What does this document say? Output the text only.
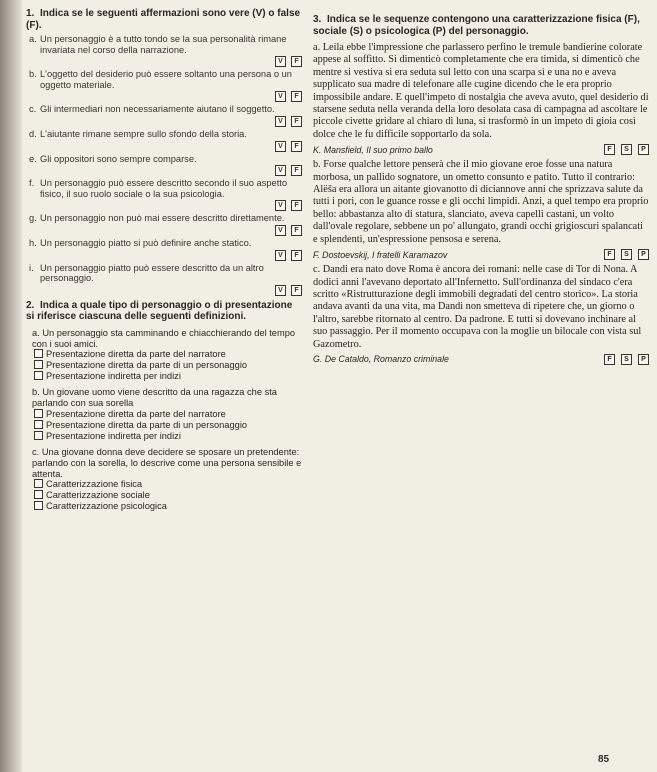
1. Indica se le seguenti affermazioni sono vere (V) o false (F).
a. Un personaggio è a tutto tondo se la sua personalità rimane invariata nel corso della narrazione.
V	F
b. L'oggetto del desiderio può essere soltanto una persona o un oggetto materiale.
V	F
c. Gli intermediari non necessariamente aiutano il soggetto.
V	F
d. L'aiutante rimane sempre sullo sfondo della storia.
V	F
e. Gli oppositori sono sempre comparse.
V	F
f. Un personaggio può essere descritto secondo il suo aspetto fisico, il suo ruolo sociale o la sua psicologia.
V	F
g. Un personaggio non può mai essere descritto direttamente.
V	F
h. Un personaggio piatto si può definire anche statico.
V	F
i. Un personaggio piatto può essere descritto da un altro personaggio.
V	F
2. Indica a quale tipo di personaggio o di presentazione si riferisce ciascuna delle seguenti definizioni.
a. Un personaggio sta camminando e chiacchierando del tempo con i suoi amici.
Presentazione diretta da parte del narratore
Presentazione diretta da parte di un personaggio
Presentazione indiretta per indizi
b. Un giovane uomo viene descritto da una ragazza che sta parlando con sua sorella
Presentazione diretta da parte del narratore
Presentazione diretta da parte di un personaggio
Presentazione indiretta per indizi
c. Una giovane donna deve decidere se sposare un pretendente: parlando con la sorella, lo descrive come una persona sensibile e attenta.
Caratterizzazione fisica
Caratterizzazione sociale
Caratterizzazione psicologica
3. Indica se le sequenze contengono una caratterizzazione fisica (F), sociale (S) o psicologica (P) del personaggio.
a. Leila ebbe l'impressione che parlassero perfino le tremule bandierine colorate appese al soffitto. Si dimenticò completamente che era timida, si dimenticò che mentre si vestiva si era seduta sul letto con una scarpa sì e una no e aveva supplicato sua madre di telefonare alle cugine dicendo che le era proprio impossibile andare. E quell'impeto di nostalgia che aveva avuto, quel desiderio di starsene seduta nella veranda della loro desolata casa di campagna ad ascoltare le piccole civette gridare al chiaro di luna, si trasformò in un impeto di gioia così dolce che le fu difficile sopportarlo da sola.
K. Mansfield, Il suo primo ballo	F	S	P
b. Forse qualche lettore penserà che il mio giovane eroe fosse una natura morbosa, un pallido sognatore, un ometto consunto e patito. Tutto il contrario: Alëša era allora un aitante giovanotto di diciannove anni che sprizzava salute da tutti i pori, con le guance rosse e gli occhi limpidi. Anzi, a quel tempo era proprio bello: abbastanza alto di statura, slanciato, aveva capelli castani, un volto dall'ovale regolare, sebbene un po' allungato, grandi occhi grigioscuri spalancati e splendenti, un'espressione pensosa e serena.
F. Dostoevskij, I fratelli Karamazov	F	S	P
c. Dandi era nato dove Roma è ancora dei romani: nelle case di Tor di Nona. A dodici anni l'avevano deportato all'Infernetto. Sull'ordinanza del sindaco c'era scritto «Ristrutturazione degli immobili degradati del centro storico». La storia andava avanti da una vita, ma Dandi non smetteva di ripetere che, un giorno o l'altro, sarebbe ritornato al centro. Da padrone. E tutti si dovevano inchinare al suo passaggio. Per il momento occupava con la moglie un bilocale con vista sul Gazometro.
G. De Cataldo, Romanzo criminale	F	S	P
85
